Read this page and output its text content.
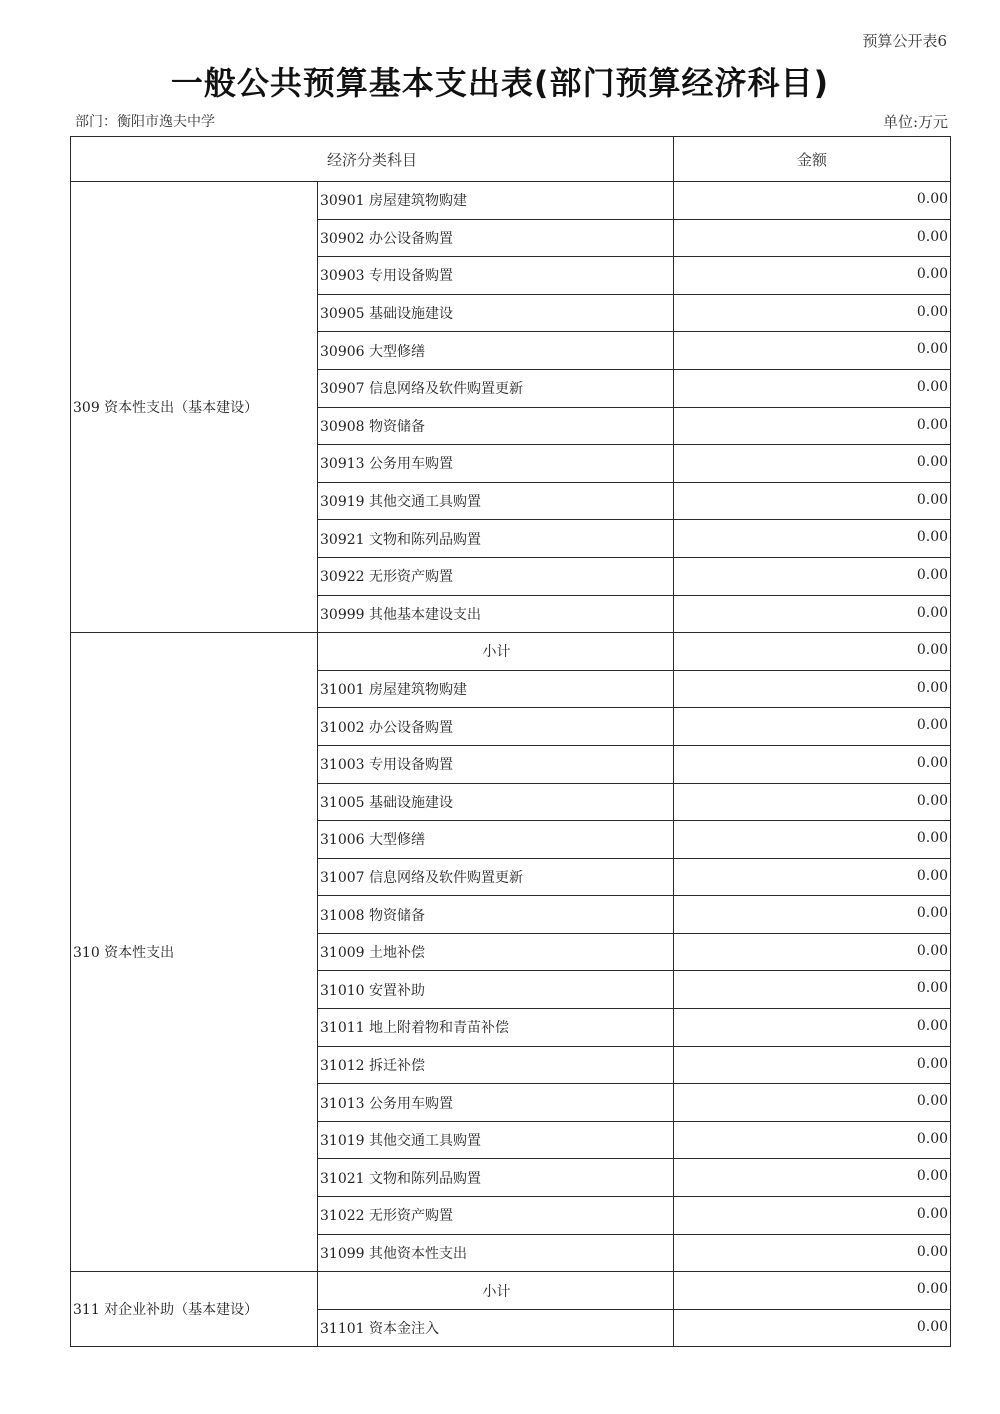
预算公开表6
一般公共预算基本支出表(部门预算经济科目)
部门：衡阳市逸夫中学	单位:万元
经济分类科目		金额
309 资本性支出（基本建设）	30901 房屋建筑物购建	0.00
	30902 办公设备购置	0.00
	30903 专用设备购置	0.00
	30905 基础设施建设	0.00
	30906 大型修缮	0.00
	30907 信息网络及软件购置更新	0.00
	30908 物资储备	0.00
	30913 公务用车购置	0.00
	30919 其他交通工具购置	0.00
	30921 文物和陈列品购置	0.00
	30922 无形资产购置	0.00
	30999 其他基本建设支出	0.00
310 资本性支出	小计	0.00
	31001 房屋建筑物购建	0.00
	31002 办公设备购置	0.00
	31003 专用设备购置	0.00
	31005 基础设施建设	0.00
	31006 大型修缮	0.00
	31007 信息网络及软件购置更新	0.00
	31008 物资储备	0.00
	31009 土地补偿	0.00
	31010 安置补助	0.00
	31011 地上附着物和青苗补偿	0.00
	31012 拆迁补偿	0.00
	31013 公务用车购置	0.00
	31019 其他交通工具购置	0.00
	31021 文物和陈列品购置	0.00
	31022 无形资产购置	0.00
	31099 其他资本性支出	0.00
311 对企业补助（基本建设）	小计	0.00
	31101 资本金注入	0.00
